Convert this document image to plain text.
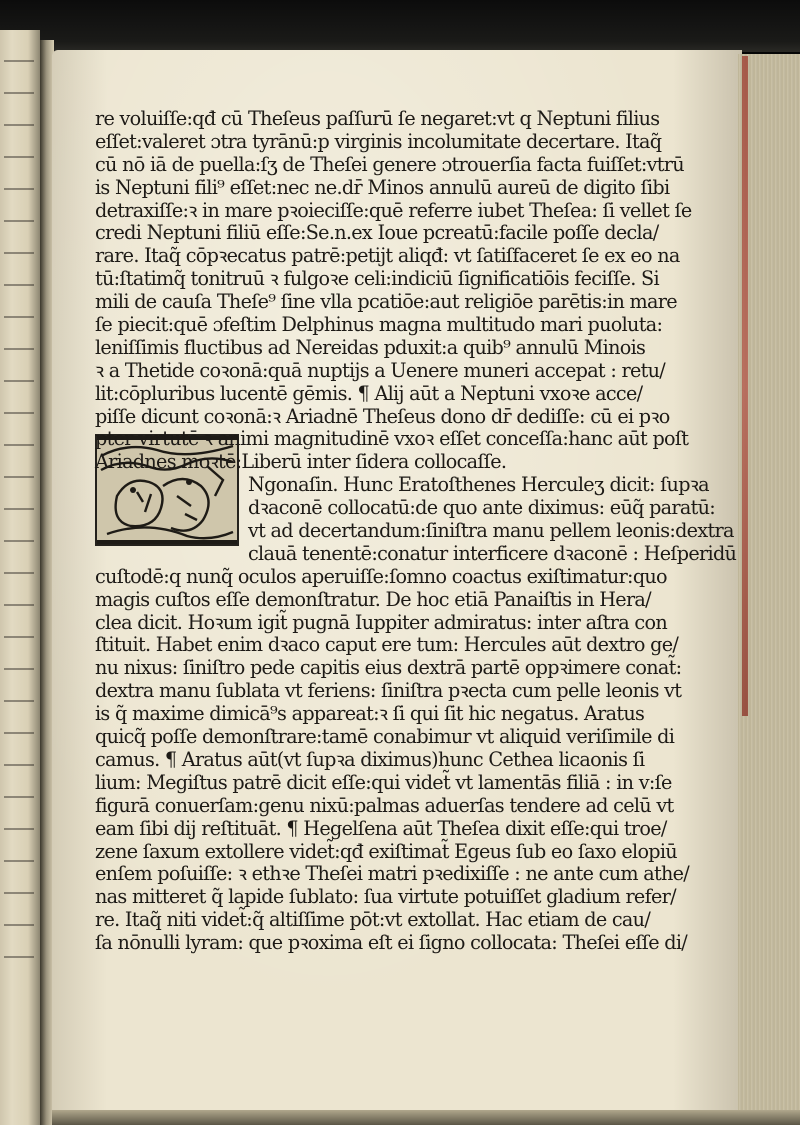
re voluiſſe:qđ cū Theſeus paſſurū ſe negaret:vt q Neptuni filius
eſſet:valeret ɔtra tyrānū:p virginis incolumitate decertare. Itaq̃
cū nō iā de puella:ſʒ de Theſei genere ɔtrouerſia facta fuiſſet:vtrū
is Neptuni fili⁹ eſſet:nec ne.dr̄ Minos annulū aureū de digito ſibi
detraxiſſe:ꝛ in mare pꝛoieciſſe:quē referre iubet Theſea: ſi vellet ſe
credi Neptuni filiū eſſe:Se.n.ex Ioue pcreatū:facile poſſe decla/
rare. Itaq̃ cōpꝛecatus patrē:petijt aliqđ: vt ſatiſfaceret ſe ex eo na
tū:ſtatimq̃ tonitruū ꝛ fulgoꝛe celi:indiciū ſignificatiōis feciſſe. Si
mili de cauſa Theſe⁹ ſine vlla pcatiōe:aut religiōe parētis:in mare
ſe piecit:quē ɔfeſtim Delphinus magna multitudo mari puoluta:
leniſſimis fluctibus ad Nereidas pduxit:a quib⁹ annulū Minois
ꝛ a Thetide coꝛonā:quā nuptijs a Uenere muneri accepat : retu/
lit:cōpluribus lucentē gēmis. ¶ Alij aūt a Neptuni vxoꝛe acce/
piſſe dicunt coꝛonā:ꝛ Ariadnē Theſeus dono dr̄ dediſſe: cū ei pꝛo
pter virtutē ꝛ animi magnitudinē vxoꝛ eſſet conceſſa:hanc aūt poſt
Ariadnes moꝛtē:Liberū inter ſidera collocaſſe.
Ngonaſin. Hunc Eratoſthenes Herculeʒ dicit: ſupꝛa
dꝛaconē collocatū:de quo ante diximus: eūq̃ paratū:
vt ad decertandum:ſiniſtra manu pellem leonis:dextra
clauā tenentē:conatur interficere dꝛaconē : Heſperidū
cuſtodē:q nunq̃ oculos aperuiſſe:ſomno coactus exiſtimatur:quo
magis cuſtos eſſe demonſtratur. De hoc etiā Panaiſtis in Hera/
clea dicit. Hoꝛum igit̃ pugnā Iuppiter admiratus: inter aſtra con
ſtituit. Habet enim dꝛaco caput ere tum: Hercules aūt dextro ge/
nu nixus: ſiniſtro pede capitis eius dextrā partē oppꝛimere conat̃:
dextra manu ſublata vt feriens: ſiniſtra pꝛecta cum pelle leonis vt
is q̃ maxime dimicā⁹s appareat:ꝛ ſi qui ſit hic negatus. Aratus
quicq̃ poſſe demonſtrare:tamē conabimur vt aliquid veriſimile di
camus. ¶ Aratus aūt(vt ſupꝛa diximus)hunc Cethea licaonis ſi
lium: Megiſtus patrē dicit eſſe:qui videt̃ vt lamentās filiā : in v:ſe
figurā conuerſam:genu nixū:palmas aduerſas tendere ad celū vt
eam ſibi dij reſtituāt. ¶ Hegelſena aūt Theſea dixit eſſe:qui troe/
zene ſaxum extollere videt̃:qđ exiſtimat̃ Egeus ſub eo ſaxo elopiū
enſem poſuiſſe: ꝛ ethꝛe Theſei matri pꝛedixiſſe : ne ante cum athe/
nas mitteret q̃ lapide ſublato: ſua virtute potuiſſet gladium refer/
re. Itaq̃ niti videt̃:q̃ altiſſime pōt:vt extollat. Hac etiam de cau/
ſa nōnulli lyram: que pꝛoxima eſt ei ſigno collocata: Theſei eſſe di/
